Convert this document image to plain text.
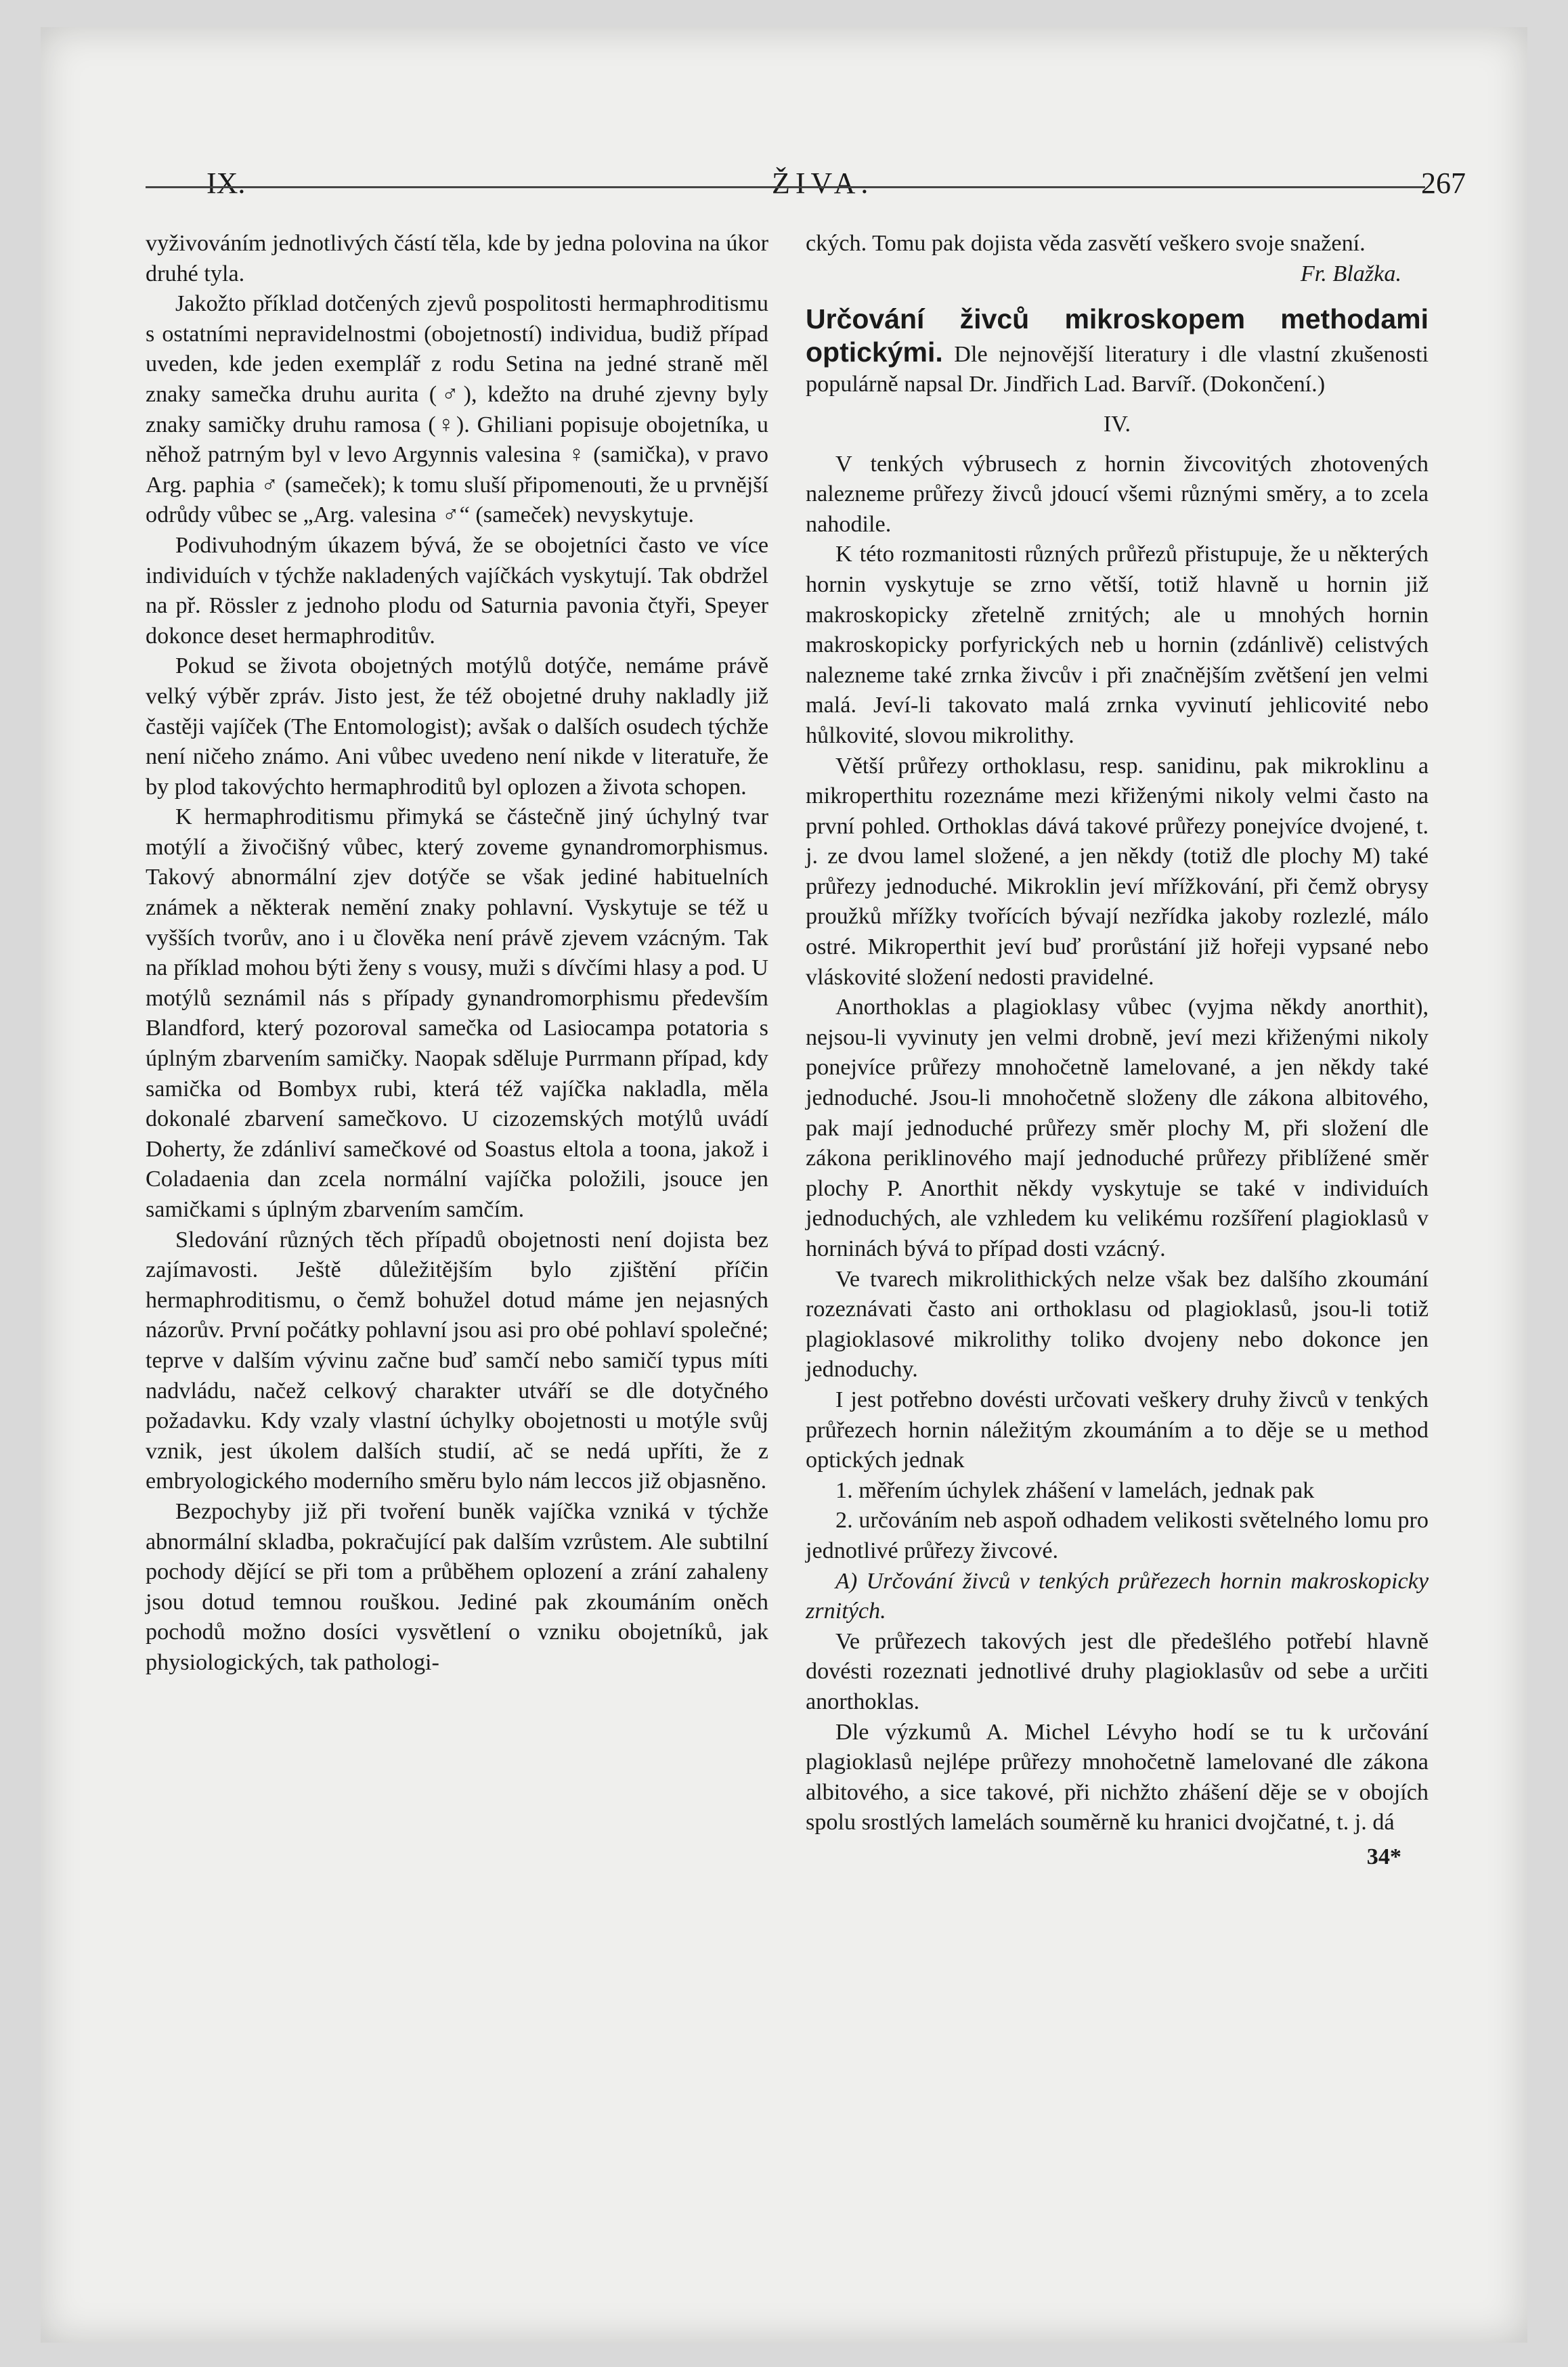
IX.	ŽIVA.	267

vyživováním jednotlivých částí těla, kde by jedna polovina na úkor druhé tyla.

Jakožto příklad dotčených zjevů pospolitosti hermaphroditismu s ostatními nepravidelnostmi (obojetností) individua, budiž případ uveden, kde jeden exemplář z rodu Setina na jedné straně měl znaky samečka druhu aurita (♂), kdežto na druhé zjevny byly znaky samičky druhu ramosa (♀). Ghiliani popisuje obojetníka, u něhož patrným byl v levo Argynnis valesina ♀ (samička), v pravo Arg. paphia ♂ (sameček); k tomu sluší připomenouti, že u prvnější odrůdy vůbec se „Arg. valesina ♂“ (sameček) nevyskytuje.

Podivuhodným úkazem bývá, že se obojetníci často ve více individuích v týchže nakladených vajíčkách vyskytují. Tak obdržel na př. Rössler z jednoho plodu od Saturnia pavonia čtyři, Speyer dokonce deset hermaphroditův.

Pokud se života obojetných motýlů dotýče, nemáme právě velký výběr zpráv. Jisto jest, že též obojetné druhy nakladly již častěji vajíček (The Entomologist); avšak o dalších osudech týchže není ničeho známo. Ani vůbec uvedeno není nikde v literatuře, že by plod takovýchto hermaphroditů byl oplozen a života schopen.

K hermaphroditismu přimyká se částečně jiný úchylný tvar motýlí a živočišný vůbec, který zoveme gynandromorphismus. Takový abnormální zjev dotýče se však jediné habituelních známek a některak nemění znaky pohlavní. Vyskytuje se též u vyšších tvorův, ano i u člověka není právě zjevem vzácným. Tak na příklad mohou býti ženy s vousy, muži s dívčími hlasy a pod. U motýlů seznámil nás s případy gynandromorphismu především Blandford, který pozoroval samečka od Lasiocampa potatoria s úplným zbarvením samičky. Naopak sděluje Purrmann případ, kdy samička od Bombyx rubi, která též vajíčka nakladla, měla dokonalé zbarvení samečkovo. U cizozemských motýlů uvádí Doherty, že zdánliví samečkové od Soastus eltola a toona, jakož i Coladaenia dan zcela normální vajíčka položili, jsouce jen samičkami s úplným zbarvením samčím.

Sledování různých těch případů obojetnosti není dojista bez zajímavosti. Ještě důležitějším bylo zjištění příčin hermaphroditismu, o čemž bohužel dotud máme jen nejasných názorův. První počátky pohlavní jsou asi pro obé pohlaví společné; teprve v dalším vývinu začne buď samčí nebo samičí typus míti nadvládu, načež celkový charakter utváří se dle dotyčného požadavku. Kdy vzaly vlastní úchylky obojetnosti u motýle svůj vznik, jest úkolem dalších studií, ač se nedá upříti, že z embryologického moderního směru bylo nám leccos již objasněno.

Bezpochyby již při tvoření buněk vajíčka vzniká v týchže abnormální skladba, pokračující pak dalším vzrůstem. Ale subtilní pochody dějící se při tom a průběhem oplození a zrání zahaleny jsou dotud temnou rouškou. Jediné pak zkoumáním oněch pochodů možno dosíci vysvětlení o vzniku obojetníků, jak physiologických, tak pathologi-

ckých. Tomu pak dojista věda zasvětí veškero svoje snažení.
Fr. Blažka.

Určování živců mikroskopem methodami optickými. Dle nejnovější literatury i dle vlastní zkušenosti populárně napsal Dr. Jindřich Lad. Barvíř. (Dokončení.)

IV.

V tenkých výbrusech z hornin živcovitých zhotovených nalezneme průřezy živců jdoucí všemi různými směry, a to zcela nahodile.

K této rozmanitosti různých průřezů přistupuje, že u některých hornin vyskytuje se zrno větší, totiž hlavně u hornin již makroskopicky zřetelně zrnitých; ale u mnohých hornin makroskopicky porfyrických neb u hornin (zdánlivě) celistvých nalezneme také zrnka živcův i při značnějším zvětšení jen velmi malá. Jeví-li takovato malá zrnka vyvinutí jehlicovité nebo hůlkovité, slovou mikrolithy.

Větší průřezy orthoklasu, resp. sanidinu, pak mikroklinu a mikroperthitu rozeznáme mezi křiženými nikoly velmi často na první pohled. Orthoklas dává takové průřezy ponejvíce dvojené, t. j. ze dvou lamel složené, a jen někdy (totiž dle plochy M) také průřezy jednoduché. Mikroklin jeví mřížkování, při čemž obrysy proužků mřížky tvořících bývají nezřídka jakoby rozlezlé, málo ostré. Mikroperthit jeví buď prorůstání již hořeji vypsané nebo vláskovité složení nedosti pravidelné.

Anorthoklas a plagioklasy vůbec (vyjma někdy anorthit), nejsou-li vyvinuty jen velmi drobně, jeví mezi křiženými nikoly ponejvíce průřezy mnohočetně lamelované, a jen někdy také jednoduché. Jsou-li mnohočetně složeny dle zákona albitového, pak mají jednoduché průřezy směr plochy M, při složení dle zákona periklinového mají jednoduché průřezy přiblížené směr plochy P. Anorthit někdy vyskytuje se také v individuích jednoduchých, ale vzhledem ku velikému rozšíření plagioklasů v horninách bývá to případ dosti vzácný.

Ve tvarech mikrolithických nelze však bez dalšího zkoumání rozeznávati často ani orthoklasu od plagioklasů, jsou-li totiž plagioklasové mikrolithy toliko dvojeny nebo dokonce jen jednoduchy.

I jest potřebno dovésti určovati veškery druhy živců v tenkých průřezech hornin náležitým zkoumáním a to děje se u method optických jednak

1. měřením úchylek zhášení v lamelách, jednak pak

2. určováním neb aspoň odhadem velikosti světelného lomu pro jednotlivé průřezy živcové.

A) Určování živců v tenkých průřezech hornin makroskopicky zrnitých.

Ve průřezech takových jest dle předešlého potřebí hlavně dovésti rozeznati jednotlivé druhy plagioklasův od sebe a určiti anorthoklas.

Dle výzkumů A. Michel Lévyho hodí se tu k určování plagioklasů nejlépe průřezy mnohočetně lamelované dle zákona albitového, a sice takové, při nichžto zhášení děje se v obojích spolu srostlých lamelách souměrně ku hranici dvojčatné, t. j. dá

34*
